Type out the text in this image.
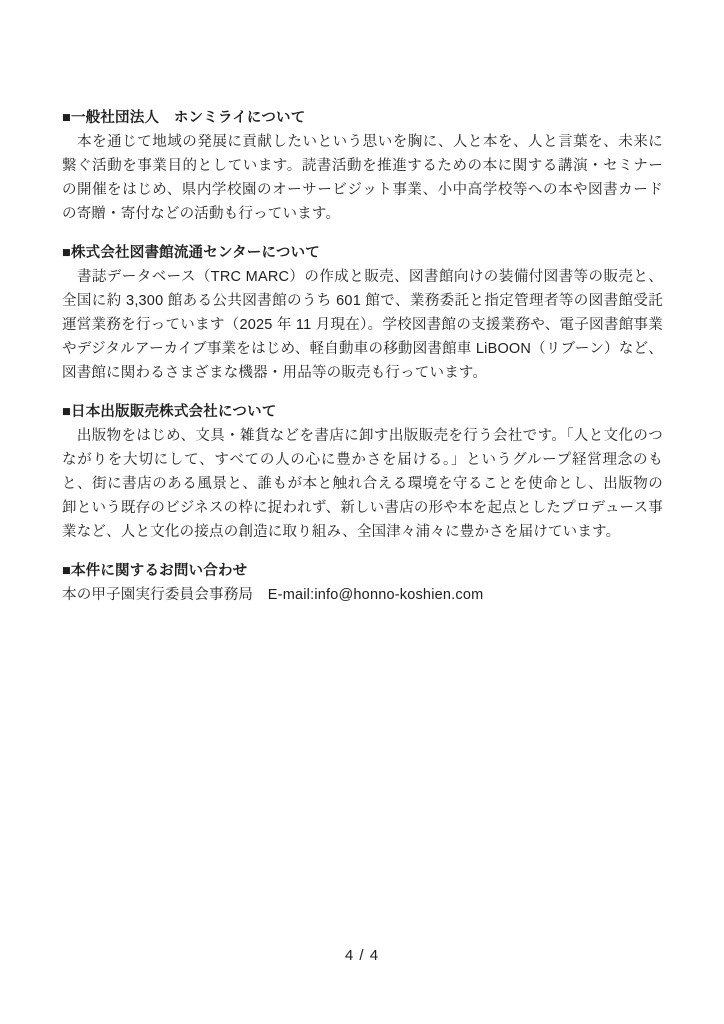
■一般社団法人　ホンミライについて

　本を通じて地域の発展に貢献したいという思いを胸に、人と本を、人と言葉を、未来に繋ぐ活動を事業目的としています。読書活動を推進するための本に関する講演・セミナーの開催をはじめ、県内学校園のオーサービジット事業、小中高学校等への本や図書カードの寄贈・寄付などの活動も行っています。

■株式会社図書館流通センターについて

　書誌データベース（TRC MARC）の作成と販売、図書館向けの装備付図書等の販売と、全国に約 3,300 館ある公共図書館のうち 601 館で、業務委託と指定管理者等の図書館受託運営業務を行っています（2025 年 11 月現在）。学校図書館の支援業務や、電子図書館事業やデジタルアーカイブ事業をはじめ、軽自動車の移動図書館車 LiBOON（リブーン）など、図書館に関わるさまざまな機器・用品等の販売も行っています。

■日本出版販売株式会社について

　出版物をはじめ、文具・雑貨などを書店に卸す出版販売を行う会社です。「人と文化のつながりを大切にして、すべての人の心に豊かさを届ける。」というグループ経営理念のもと、街に書店のある風景と、誰もが本と触れ合える環境を守ることを使命とし、出版物の卸という既存のビジネスの枠に捉われず、新しい書店の形や本を起点としたプロデュース事業など、人と文化の接点の創造に取り組み、全国津々浦々に豊かさを届けています。

■本件に関するお問い合わせ

本の甲子園実行委員会事務局　E-mail:info@honno-koshien.com

4 / 4
